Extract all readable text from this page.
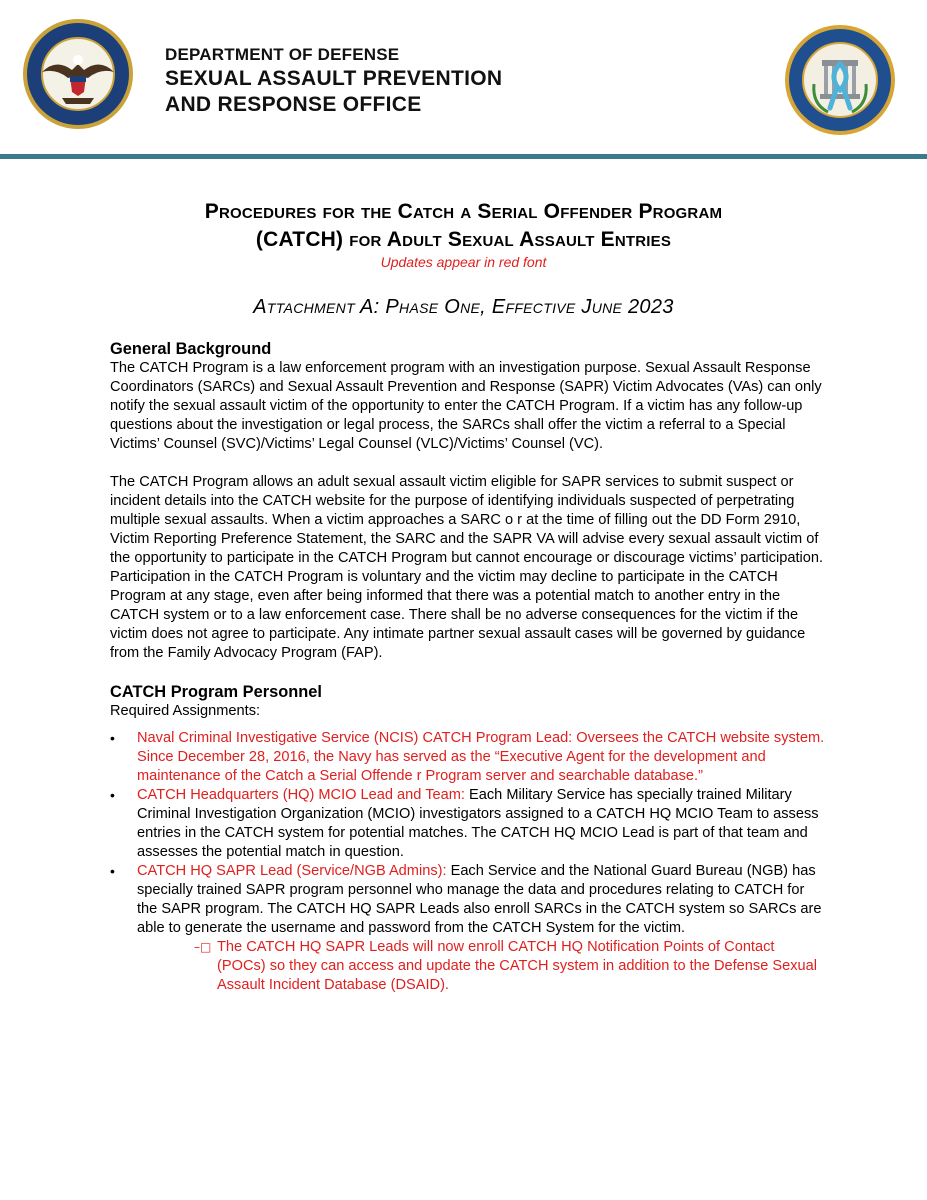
DEPARTMENT OF DEFENSE
SEXUAL ASSAULT PREVENTION
AND RESPONSE OFFICE
Procedures for the Catch a Serial Offender Program
(CATCH) for Adult Sexual Assault Entries
Updates appear in red font
Attachment A: Phase One, Effective June 2023
General Background

The CATCH Program is a law enforcement program with an investigation purpose. Sexual Assault Response Coordinators (SARCs) and Sexual Assault Prevention and Response (SAPR) Victim Advocates (VAs) can only notify the sexual assault victim of the opportunity to enter the CATCH Program. If a victim has any follow-up questions about the investigation or legal process, the SARCs shall offer the victim a referral to a Special Victims’ Counsel (SVC)/Victims’ Legal Counsel (VLC)/Victims’ Counsel (VC).

The CATCH Program allows an adult sexual assault victim eligible for SAPR services to submit suspect or incident details into the CATCH website for the purpose of identifying individuals suspected of perpetrating multiple sexual assaults. When a victim approaches a SARC o r at the time of filling out the DD Form 2910, Victim Reporting Preference Statement, the SARC and the SAPR VA will advise every sexual assault victim of the opportunity to participate in the CATCH Program but cannot encourage or discourage victims’ participation. Participation in the CATCH Program is voluntary and the victim may decline to participate in the CATCH Program at any stage, even after being informed that there was a potential match to another entry in the CATCH system or to a law enforcement case. There shall be no adverse consequences for the victim if the victim does not agree to participate. Any intimate partner sexual assault cases will be governed by guidance from the Family Advocacy Program (FAP).

CATCH Program Personnel

Required Assignments:

• Naval Criminal Investigative Service (NCIS) CATCH Program Lead: Oversees the CATCH website system. Since December 28, 2016, the Navy has served as the “Executive Agent for the development and maintenance of the Catch a Serial Offende r Program server and searchable database.”
• CATCH Headquarters (HQ) MCIO Lead and Team: Each Military Service has specially trained Military Criminal Investigation Organization (MCIO) investigators assigned to a CATCH HQ MCIO Team to assess entries in the CATCH system for potential matches. The CATCH HQ MCIO Lead is part of that team and assesses the potential match in question.
• CATCH HQ SAPR Lead (Service/NGB Admins): Each Service and the National Guard Bureau (NGB) has specially trained SAPR program personnel who manage the data and procedures relating to CATCH for the SAPR program. The CATCH HQ SAPR Leads also enroll SARCs in the CATCH system so SARCs are able to generate the username and password from the CATCH System for the victim.
–□ The CATCH HQ SAPR Leads will now enroll CATCH HQ Notification Points of Contact (POCs) so they can access and update the CATCH system in addition to the Defense Sexual Assault Incident Database (DSAID).
